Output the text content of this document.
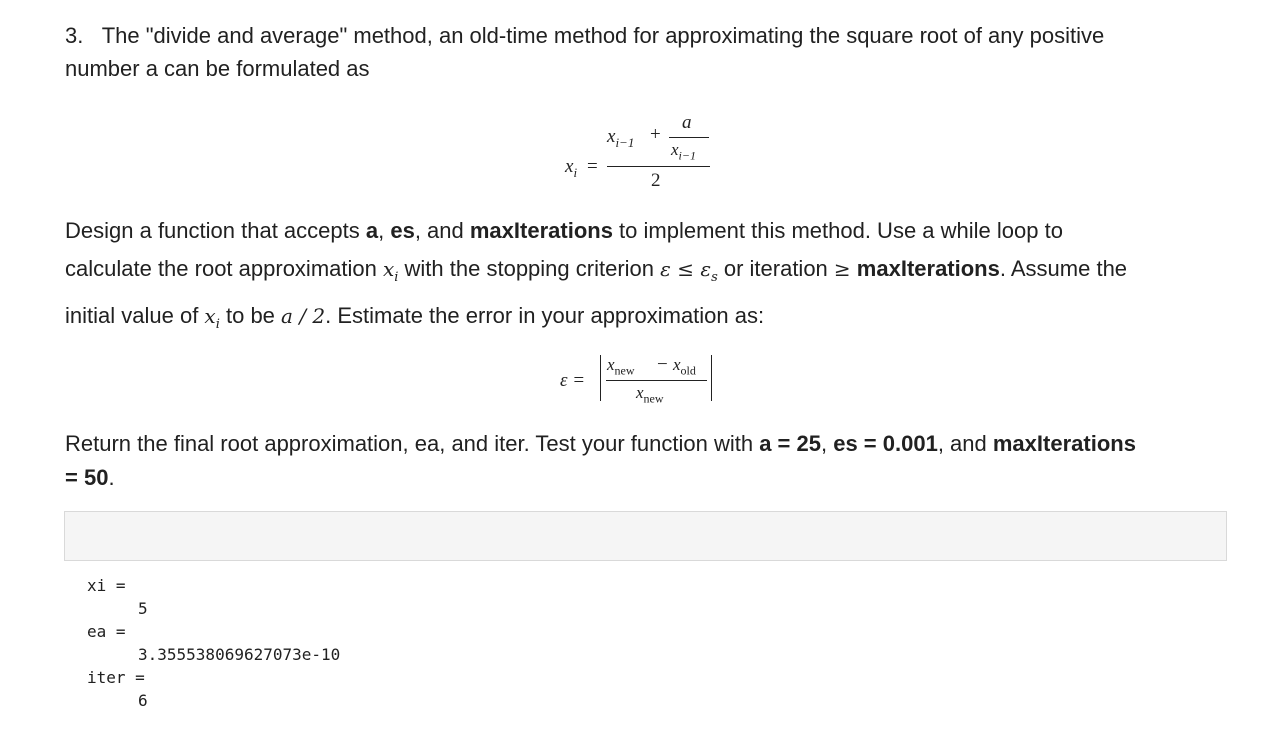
3. The "divide and average" method, an old-time method for approximating the square root of any positive
number a can be formulated as
$x_i$ =
$x_{i-1}$ +
a
$x_{i-1}$
2
Design a function that accepts a, es, and maxIterations to implement this method. Use a while loop to
calculate the root approximation $x_i$ with the stopping criterion $\varepsilon \le \varepsilon_s$ or iteration ≥ maxIterations. Assume the
initial value of $x_i$ to be a / 2. Estimate the error in your approximation as:
ε =
$x_{new} - x_{old}$
$x_{new}$
Return the final root approximation, ea, and iter. Test your function with a = 25, es = 0.001, and maxIterations
= 50.
xi =
5
ea =
3.355538069627073e-10
iter =
6
